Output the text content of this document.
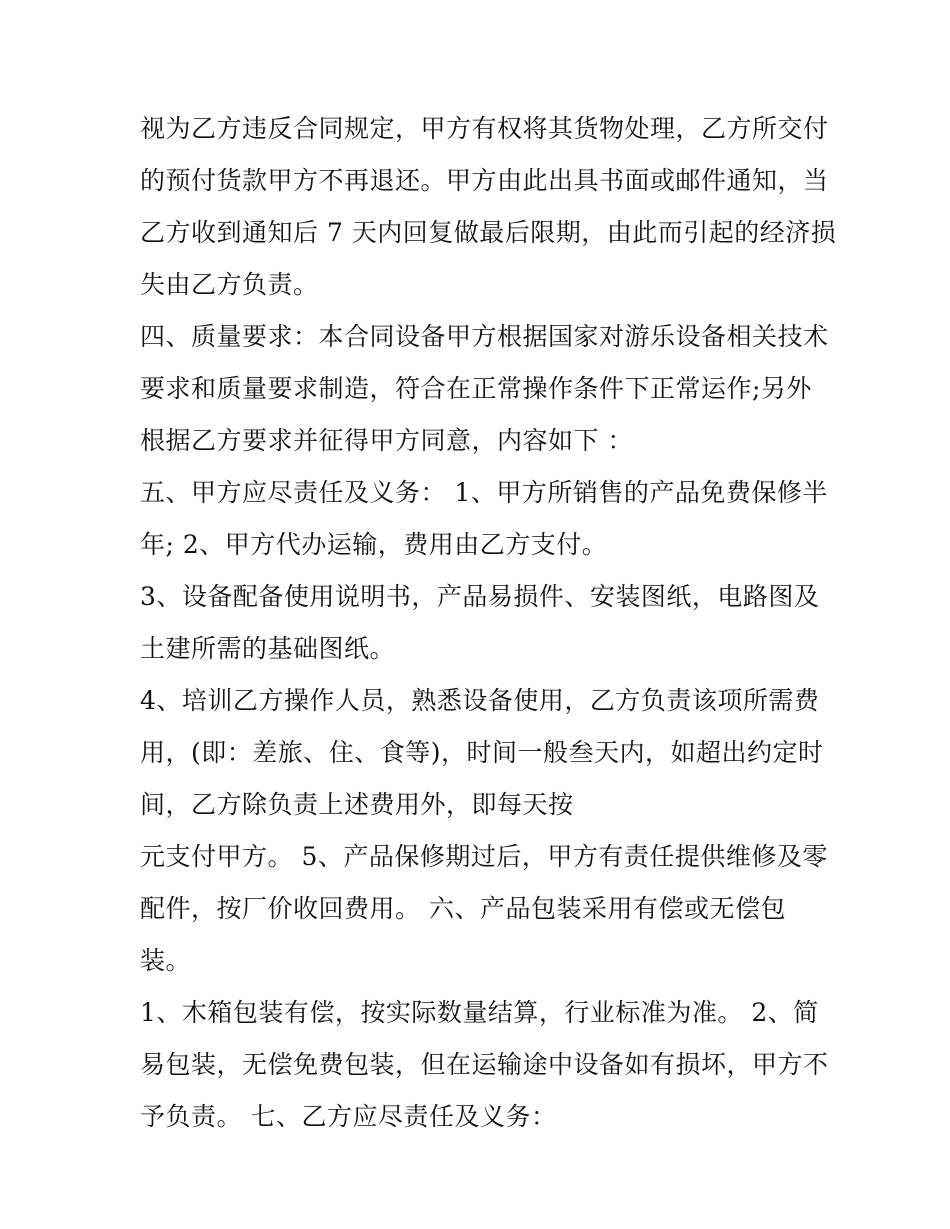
视为乙方违反合同规定，甲方有权将其货物处理，乙方所交付
的预付货款甲方不再退还。甲方由此出具书面或邮件通知，当
乙方收到通知后 7 天内回复做最后限期，由此而引起的经济损
失由乙方负责。
四、质量要求：本合同设备甲方根据国家对游乐设备相关技术
要求和质量要求制造，符合在正常操作条件下正常运作;另外
根据乙方要求并征得甲方同意，内容如下 ：
五、甲方应尽责任及义务： 1、甲方所销售的产品免费保修半
年; 2、甲方代办运输，费用由乙方支付。
3、设备配备使用说明书，产品易损件、安装图纸，电路图及
土建所需的基础图纸。
4、培训乙方操作人员，熟悉设备使用，乙方负责该项所需费
用，(即：差旅、住、食等)，时间一般叁天内，如超出约定时
间，乙方除负责上述费用外，即每天按
元支付甲方。 5、产品保修期过后，甲方有责任提供维修及零
配件，按厂价收回费用。 六、产品包装采用有偿或无偿包
装。
1、木箱包装有偿，按实际数量结算，行业标准为准。 2、简
易包装，无偿免费包装，但在运输途中设备如有损坏，甲方不
予负责。 七、乙方应尽责任及义务：
